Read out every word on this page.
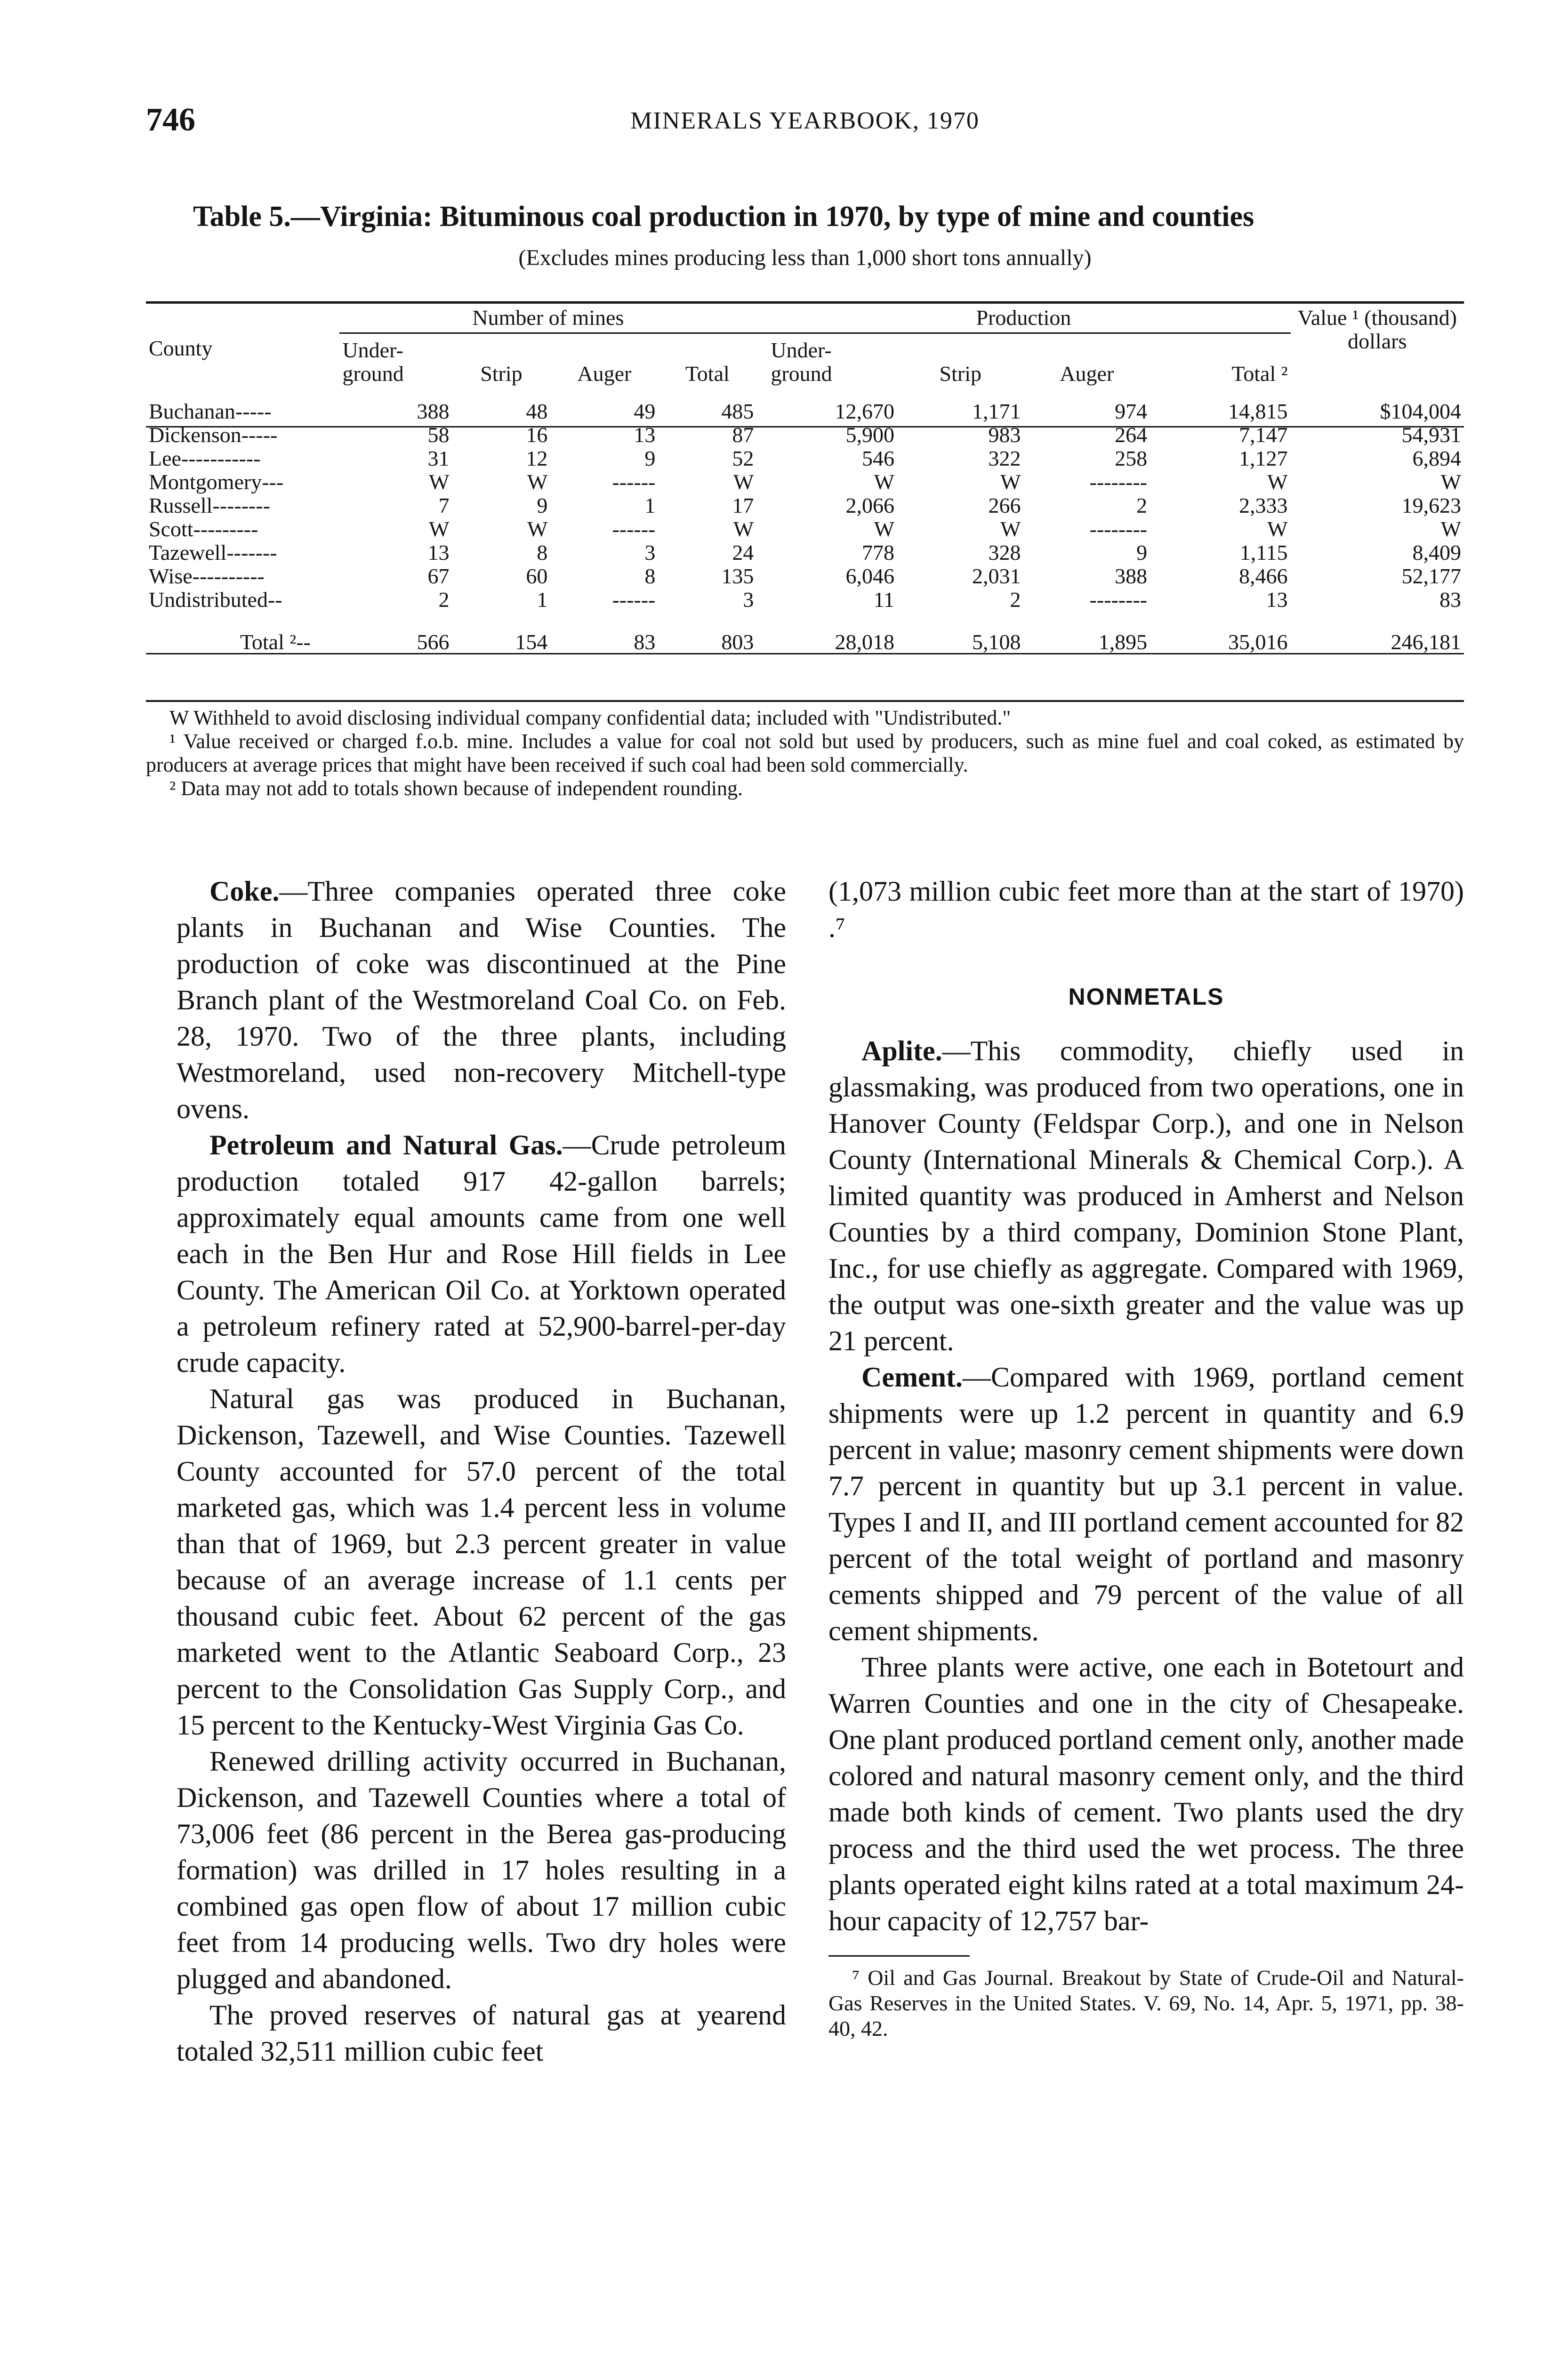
746	MINERALS YEARBOOK, 1970
Table 5.—Virginia: Bituminous coal production in 1970, by type of mine and counties
(Excludes mines producing less than 1,000 short tons annually)
County	Number of mines				Production				Value ¹ (thousand) dollars
	Under- ground	Strip	Auger	Total	Under- ground	Strip	Auger	Total ²	
Buchanan-----	388	48	49	485	12,670	1,171	974	14,815	$104,004
Dickenson-----	58	16	13	87	5,900	983	264	7,147	54,931
Lee-----------	31	12	9	52	546	322	258	1,127	6,894
Montgomery---	W	W	------	W	W	W	--------	W	W
Russell--------	7	9	1	17	2,066	266	2	2,333	19,623
Scott---------	W	W	------	W	W	W	--------	W	W
Tazewell-------	13	8	3	24	778	328	9	1,115	8,409
Wise----------	67	60	8	135	6,046	2,031	388	8,466	52,177
Undistributed--	2	1	------	3	11	2	--------	13	83
Total ²--	566	154	83	803	28,018	5,108	1,895	35,016	246,181

W Withheld to avoid disclosing individual company confidential data; included with "Undistributed."

¹ Value received or charged f.o.b. mine. Includes a value for coal not sold but used by producers, such as mine fuel and coal coked, as estimated by producers at average prices that might have been received if such coal had been sold commercially.

² Data may not add to totals shown because of independent rounding.

Coke.—Three companies operated three coke plants in Buchanan and Wise Counties. The production of coke was discontinued at the Pine Branch plant of the Westmoreland Coal Co. on Feb. 28, 1970. Two of the three plants, including Westmoreland, used non-recovery Mitchell-type ovens.

Petroleum and Natural Gas.—Crude petroleum production totaled 917 42-gallon barrels; approximately equal amounts came from one well each in the Ben Hur and Rose Hill fields in Lee County. The American Oil Co. at Yorktown operated a petroleum refinery rated at 52,900-barrel-per-day crude capacity.

Natural gas was produced in Buchanan, Dickenson, Tazewell, and Wise Counties. Tazewell County accounted for 57.0 percent of the total marketed gas, which was 1.4 percent less in volume than that of 1969, but 2.3 percent greater in value because of an average increase of 1.1 cents per thousand cubic feet. About 62 percent of the gas marketed went to the Atlantic Seaboard Corp., 23 percent to the Consolidation Gas Supply Corp., and 15 percent to the Kentucky-West Virginia Gas Co.

Renewed drilling activity occurred in Buchanan, Dickenson, and Tazewell Counties where a total of 73,006 feet (86 percent in the Berea gas-producing formation) was drilled in 17 holes resulting in a combined gas open flow of about 17 million cubic feet from 14 producing wells. Two dry holes were plugged and abandoned.

The proved reserves of natural gas at yearend totaled 32,511 million cubic feet

(1,073 million cubic feet more than at the start of 1970) .⁷

NONMETALS

Aplite.—This commodity, chiefly used in glassmaking, was produced from two operations, one in Hanover County (Feldspar Corp.), and one in Nelson County (International Minerals & Chemical Corp.). A limited quantity was produced in Amherst and Nelson Counties by a third company, Dominion Stone Plant, Inc., for use chiefly as aggregate. Compared with 1969, the output was one-sixth greater and the value was up 21 percent.

Cement.—Compared with 1969, portland cement shipments were up 1.2 percent in quantity and 6.9 percent in value; masonry cement shipments were down 7.7 percent in quantity but up 3.1 percent in value. Types I and II, and III portland cement accounted for 82 percent of the total weight of portland and masonry cements shipped and 79 percent of the value of all cement shipments.

Three plants were active, one each in Botetourt and Warren Counties and one in the city of Chesapeake. One plant produced portland cement only, another made colored and natural masonry cement only, and the third made both kinds of cement. Two plants used the dry process and the third used the wet process. The three plants operated eight kilns rated at a total maximum 24-hour capacity of 12,757 bar-

⁷ Oil and Gas Journal. Breakout by State of Crude-Oil and Natural-Gas Reserves in the United States. V. 69, No. 14, Apr. 5, 1971, pp. 38-40, 42.
